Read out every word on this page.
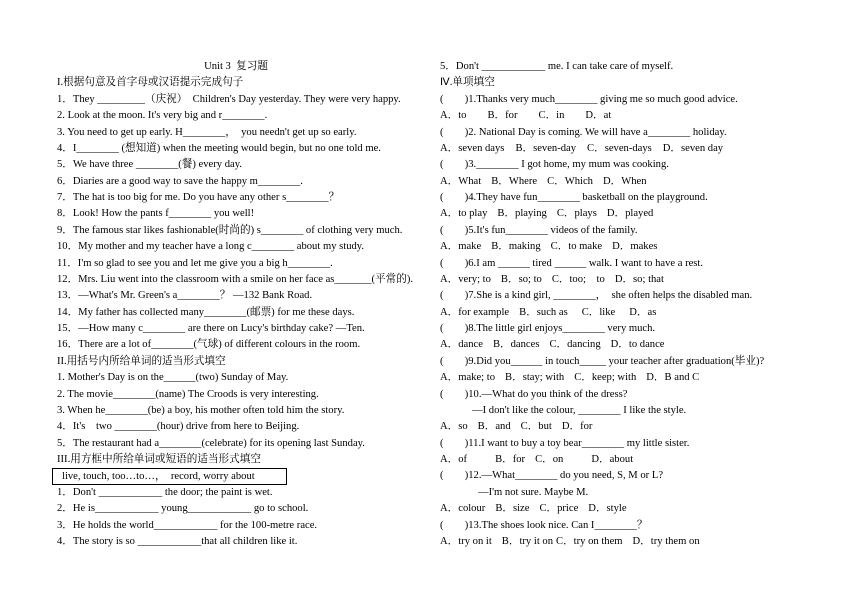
Unit 3  复习题
I.根据句意及首字母或汉语提示完成句子
1．They _________（庆祝）  Children's Day yesterday. They were very happy.
2. Look at the moon. It's very big and r________.
3. You need to get up early. H________，  you needn't get up so early.
4．I________ (想知道) when the meeting would begin, but no one told me.
5．We have three ________(餐) every day.
6．Diaries are a good way to save the happy m________.
7．The hat is too big for me. Do you have any other s________？
8．Look! How the pants f________ you well!
9．The famous star likes fashionable(时尚的) s________ of clothing very much.
10．My mother and my teacher have a long c________ about my study.
11．I'm so glad to see you and let me give you a big h________.
12．Mrs. Liu went into the classroom with a smile on her face as_______(平常的).
13．—What's Mr. Green's a________？ —132 Bank Road.
14．My father has collected many________(邮票) for me these days.
15．—How many c________ are there on Lucy's birthday cake? —Ten.
16．There are a lot of________(气球) of different colours in the room.
II.用括号内所给单词的适当形式填空
1. Mother's Day is on the______(two) Sunday of May.
2. The movie________(name) The Croods is very interesting.
3. When he________(be) a boy, his mother often told him the story.
4．It's    two ________(hour) drive from here to Beijing.
5．The restaurant had a________(celebrate) for its opening last Sunday.
III.用方框中所给单词或短语的适当形式填空
live, touch, too…to…，  record, worry about
1．Don't ____________ the door; the paint is wet.
2．He is____________ young____________ go to school.
3．He holds the world____________ for the 100-metre race.
4．The story is so ____________that all children like it.
5．Don't ____________ me. I can take care of myself.
Ⅳ.单项填空
(        )1.Thanks very much________ giving me so much good advice.
A．to B．for C．in D．at
(        )2. National Day is coming. We will have a________ holiday.
A．seven days B．seven-day C．seven-days D．seven day
(        )3.________ I got home, my mum was cooking.
A．What B．Where C．Which D．When
(        )4.They have fun________ basketball on the playground.
A．to play B．playing C．plays D．played
(        )5.It's fun________ videos of the family.
A．make B．making C．to make D．makes
(        )6.I am ______ tired ______ walk. I want to have a rest.
A．very; to B．so; to C．too;    to D．so; that
(        )7.She is a kind girl, ________，  she often helps the disabled man.
A．for example B．such as C．like D．as
(        )8.The little girl enjoys________ very much.
A．dance B．dances C．dancing D．to dance
(        )9.Did you______ in touch_____ your teacher after graduation(毕业)?
A．make; to B．stay; with C．keep; with D．B and C
(        )10.—What do you think of the dress?
—I don't like the colour, ________ I like the style.
A．so B．and C．but D．for
(        )11.I want to buy a toy bear________ my little sister.
A．of	B．for C．on	D．about
(        )12.—What________ do you need, S, M or L?
—I'm not sure. Maybe M.
A．colour B．size C．price D．style
(        )13.The shoes look nice. Can I________？
A．try on it B．try it on C．try on them D．try them on
